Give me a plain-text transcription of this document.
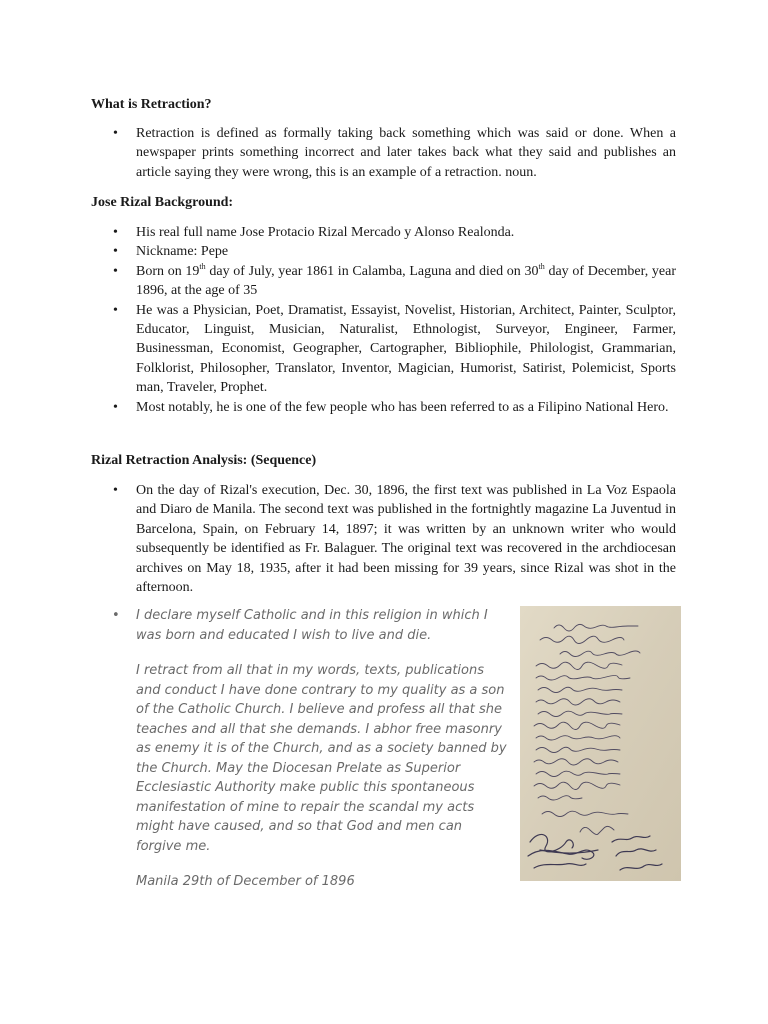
What is Retraction?
• Retraction is defined as formally taking back something which was said or done. When a newspaper prints something incorrect and later takes back what they said and publishes an article saying they were wrong, this is an example of a retraction. noun.
Jose Rizal Background:
• His real full name Jose Protacio Rizal Mercado y Alonso Realonda.
• Nickname: Pepe
• Born on 19th day of July, year 1861 in Calamba, Laguna and died on 30th day of December, year 1896, at the age of 35
• He was a Physician, Poet, Dramatist, Essayist, Novelist, Historian, Architect, Painter, Sculptor, Educator, Linguist, Musician, Naturalist, Ethnologist, Surveyor, Engineer, Farmer, Businessman, Economist, Geographer, Cartographer, Bibliophile, Philologist, Grammarian, Folklorist, Philosopher, Translator, Inventor, Magician, Humorist, Satirist, Polemicist, Sports man, Traveler, Prophet.
• Most notably, he is one of the few people who has been referred to as a Filipino National Hero.
Rizal Retraction Analysis: (Sequence)
• On the day of Rizal's execution, Dec. 30, 1896, the first text was published in La Voz Espaola and Diaro de Manila. The second text was published in the fortnightly magazine La Juventud in Barcelona, Spain, on February 14, 1897; it was written by an unknown writer who would subsequently be identified as Fr. Balaguer. The original text was recovered in the archdiocesan archives on May 18, 1935, after it had been missing for 39 years, since Rizal was shot in the afternoon.
• I declare myself Catholic and in this religion in which I was born and educated I wish to live and die.

I retract from all that in my words, texts, publications and conduct I have done contrary to my quality as a son of the Catholic Church. I believe and profess all that she teaches and all that she demands. I abhor free masonry as enemy it is of the Church, and as a society banned by the Church. May the Diocesan Prelate as Superior Ecclesiastic Authority make public this spontaneous manifestation of mine to repair the scandal my acts might have caused, and so that God and men can forgive me.

Manila 29th of December of 1896
